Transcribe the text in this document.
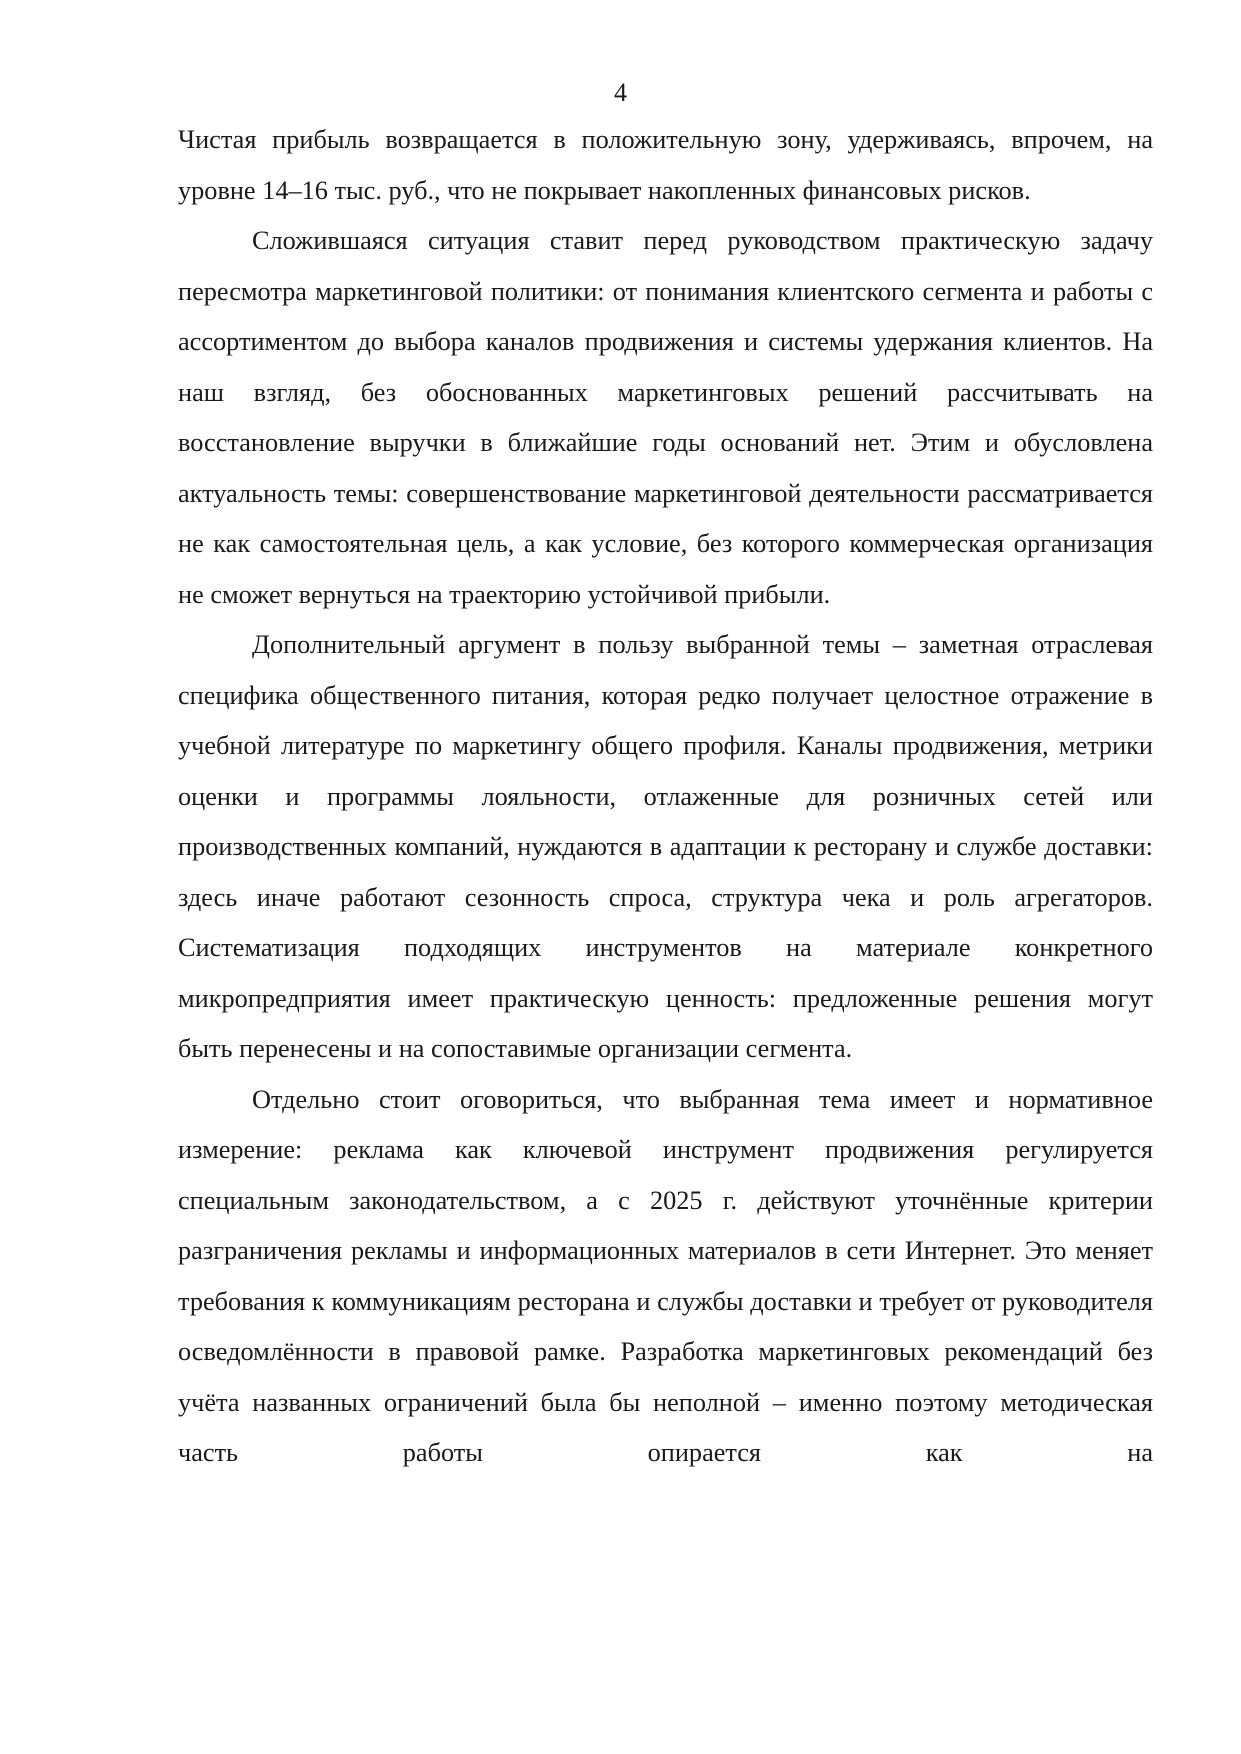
4

Чистая прибыль возвращается в положительную зону, удерживаясь, впрочем, на уровне 14–16 тыс. руб., что не покрывает накопленных финансовых рисков.

Сложившаяся ситуация ставит перед руководством практическую задачу пересмотра маркетинговой политики: от понимания клиентского сегмента и работы с ассортиментом до выбора каналов продвижения и системы удержания клиентов. На наш взгляд, без обоснованных маркетинговых решений рассчитывать на восстановление выручки в ближайшие годы оснований нет. Этим и обусловлена актуальность темы: совершенствование маркетинговой деятельности рассматривается не как самостоятельная цель, а как условие, без которого коммерческая организация не сможет вернуться на траекторию устойчивой прибыли.

Дополнительный аргумент в пользу выбранной темы – заметная отраслевая специфика общественного питания, которая редко получает целостное отражение в учебной литературе по маркетингу общего профиля. Каналы продвижения, метрики оценки и программы лояльности, отлаженные для розничных сетей или производственных компаний, нуждаются в адаптации к ресторану и службе доставки: здесь иначе работают сезонность спроса, структура чека и роль агрегаторов. Систематизация подходящих инструментов на материале конкретного микропредприятия имеет практическую ценность: предложенные решения могут быть перенесены и на сопоставимые организации сегмента.

Отдельно стоит оговориться, что выбранная тема имеет и нормативное измерение: реклама как ключевой инструмент продвижения регулируется специальным законодательством, а с 2025 г. действуют уточнённые критерии разграничения рекламы и информационных материалов в сети Интернет. Это меняет требования к коммуникациям ресторана и службы доставки и требует от руководителя осведомлённости в правовой рамке. Разработка маркетинговых рекомендаций без учёта названных ограничений была бы неполной – именно поэтому методическая часть работы опирается как на
